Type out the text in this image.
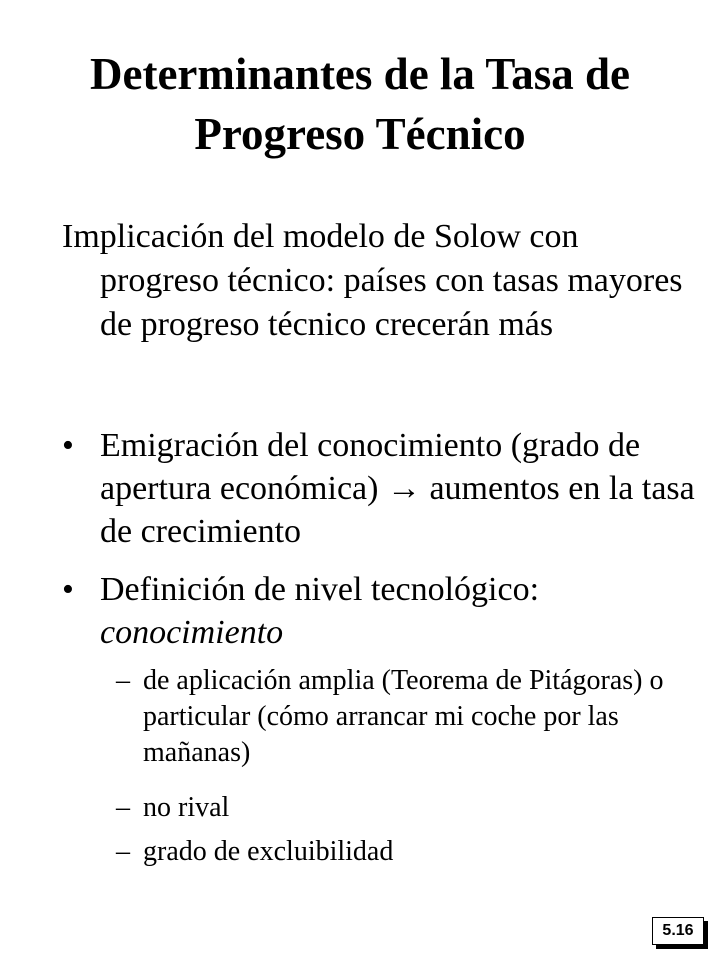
Determinantes de la Tasa de
Progreso Técnico
Implicación del modelo de Solow con progreso técnico: países con tasas mayores de progreso técnico crecerán más
• Emigración del conocimiento (grado de apertura económica) → aumentos en la tasa de crecimiento
• Definición de nivel tecnológico: conocimiento
– de aplicación amplia (Teorema de Pitágoras) o particular (cómo arrancar mi coche por las mañanas)
– no rival
– grado de excluibilidad
5.16
